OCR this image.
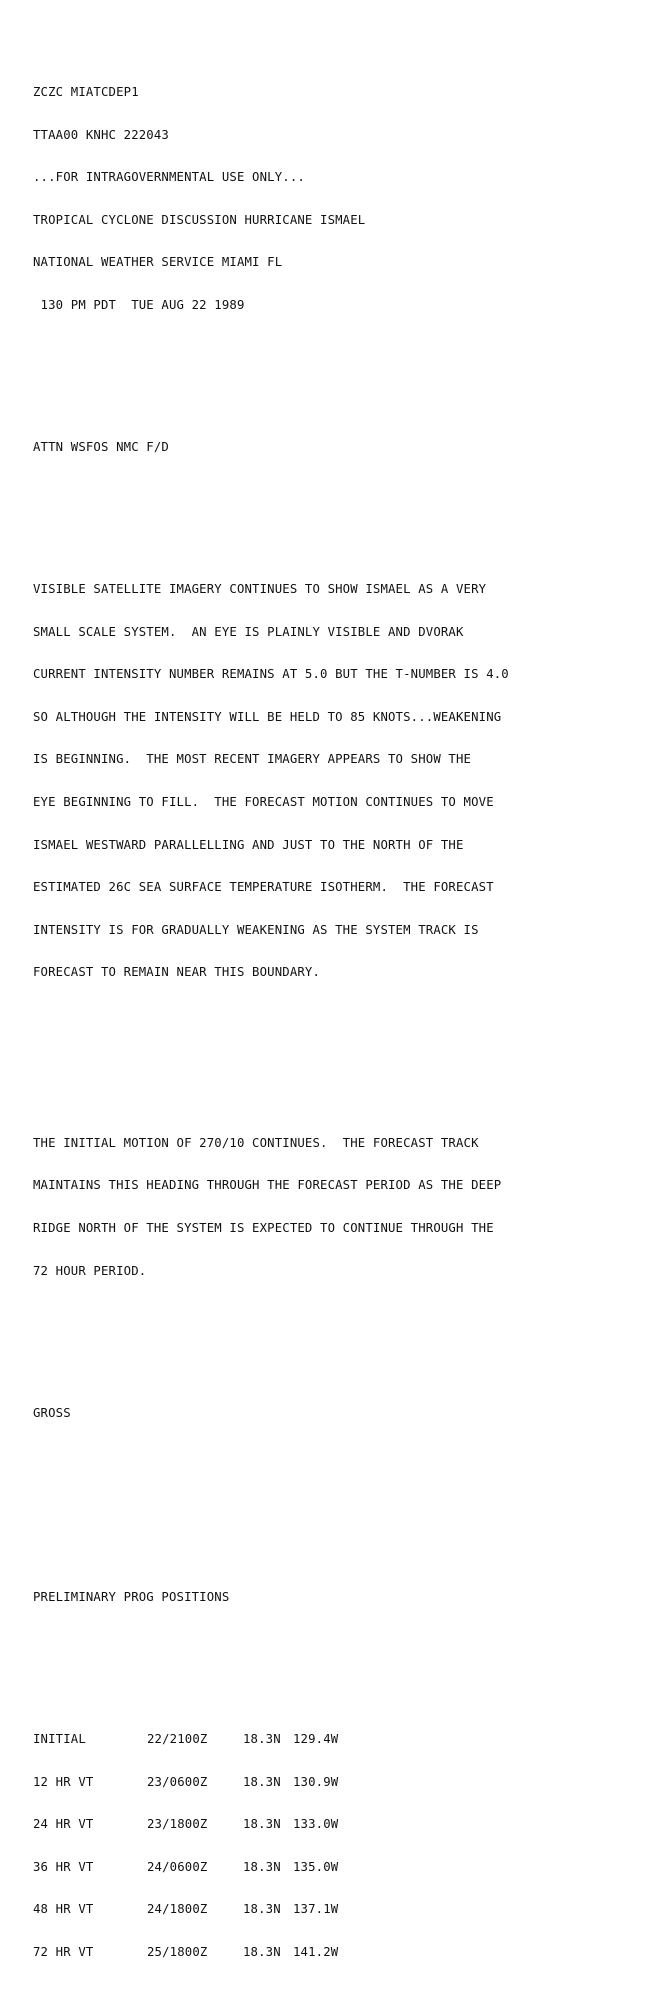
ZCZC MIATCDEP1

TTAA00 KNHC 222043

...FOR INTRAGOVERNMENTAL USE ONLY...

TROPICAL CYCLONE DISCUSSION HURRICANE ISMAEL

NATIONAL WEATHER SERVICE MIAMI FL

130 PM PDT  TUE AUG 22 1989

ATTN WSFOS NMC F/D

VISIBLE SATELLITE IMAGERY CONTINUES TO SHOW ISMAEL AS A VERY

SMALL SCALE SYSTEM.  AN EYE IS PLAINLY VISIBLE AND DVORAK

CURRENT INTENSITY NUMBER REMAINS AT 5.0 BUT THE T-NUMBER IS 4.0

SO ALTHOUGH THE INTENSITY WILL BE HELD TO 85 KNOTS...WEAKENING

IS BEGINNING.  THE MOST RECENT IMAGERY APPEARS TO SHOW THE

EYE BEGINNING TO FILL.  THE FORECAST MOTION CONTINUES TO MOVE

ISMAEL WESTWARD PARALLELLING AND JUST TO THE NORTH OF THE

ESTIMATED 26C SEA SURFACE TEMPERATURE ISOTHERM.  THE FORECAST

INTENSITY IS FOR GRADUALLY WEAKENING AS THE SYSTEM TRACK IS

FORECAST TO REMAIN NEAR THIS BOUNDARY.

THE INITIAL MOTION OF 270/10 CONTINUES.  THE FORECAST TRACK

MAINTAINS THIS HEADING THROUGH THE FORECAST PERIOD AS THE DEEP

RIDGE NORTH OF THE SYSTEM IS EXPECTED TO CONTINUE THROUGH THE

72 HOUR PERIOD.

GROSS

PRELIMINARY PROG POSITIONS

INITIAL	22/2100Z	18.3N 129.4W

12 HR VT	23/0600Z	18.3N 130.9W

24 HR VT	23/1800Z	18.3N 133.0W

36 HR VT	24/0600Z	18.3N 135.0W

48 HR VT	24/1800Z	18.3N 137.1W

72 HR VT	25/1800Z	18.3N 141.2W
